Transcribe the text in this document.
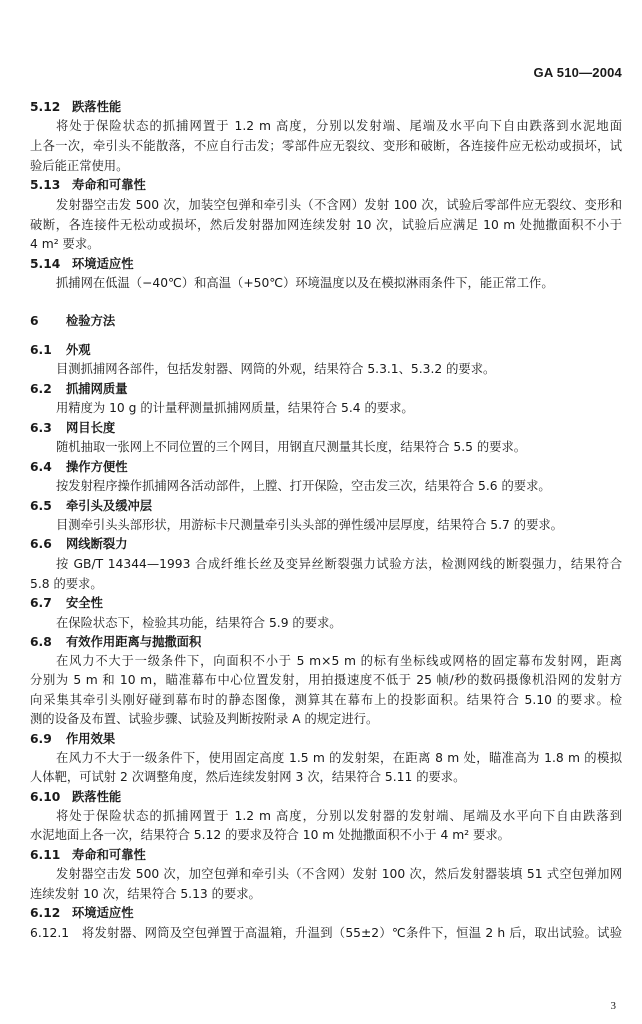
GA 510—2004
5.12 跌落性能
将处于保险状态的抓捕网置于 1.2 m 高度，分别以发射端、尾端及水平向下自由跌落到水泥地面
上各一次，牵引头不能散落，不应自行击发；零部件应无裂纹、变形和破断，各连接件应无松动或损坏，试
验后能正常使用。
5.13 寿命和可靠性
发射器空击发 500 次，加装空包弹和牵引头（不含网）发射 100 次，试验后零部件应无裂纹、变形和
破断，各连接件无松动或损坏，然后发射器加网连续发射 10 次，试验后应满足 10 m 处抛撒面积不小于
4 m² 要求。
5.14 环境适应性
抓捕网在低温（−40℃）和高温（+50℃）环境温度以及在模拟淋雨条件下，能正常工作。
6 检验方法
6.1 外观
目测抓捕网各部件，包括发射器、网筒的外观，结果符合 5.3.1、5.3.2 的要求。
6.2 抓捕网质量
用精度为 10 g 的计量秤测量抓捕网质量，结果符合 5.4 的要求。
6.3 网目长度
随机抽取一张网上不同位置的三个网目，用钢直尺测量其长度，结果符合 5.5 的要求。
6.4 操作方便性
按发射程序操作抓捕网各活动部件，上膛、打开保险，空击发三次，结果符合 5.6 的要求。
6.5 牵引头及缓冲层
目测牵引头头部形状，用游标卡尺测量牵引头头部的弹性缓冲层厚度，结果符合 5.7 的要求。
6.6 网线断裂力
按 GB/T 14344—1993 合成纤维长丝及变异丝断裂强力试验方法，检测网线的断裂强力，结果符合
5.8 的要求。
6.7 安全性
在保险状态下，检验其功能，结果符合 5.9 的要求。
6.8 有效作用距离与抛撒面积
在风力不大于一级条件下，向面积不小于 5 m×5 m 的标有坐标线或网格的固定幕布发射网，距离
分别为 5 m 和 10 m，瞄准幕布中心位置发射，用拍摄速度不低于 25 帧/秒的数码摄像机沿网的发射方
向采集其牵引头刚好碰到幕布时的静态图像，测算其在幕布上的投影面积。结果符合 5.10 的要求。检
测的设备及布置、试验步骤、试验及判断按附录 A 的规定进行。
6.9 作用效果
在风力不大于一级条件下，使用固定高度 1.5 m 的发射架，在距离 8 m 处，瞄准高为 1.8 m 的模拟
人体靶，可试射 2 次调整角度，然后连续发射网 3 次，结果符合 5.11 的要求。
6.10 跌落性能
将处于保险状态的抓捕网置于 1.2 m 高度，分别以发射器的发射端、尾端及水平向下自由跌落到
水泥地面上各一次，结果符合 5.12 的要求及符合 10 m 处抛撒面积不小于 4 m² 要求。
6.11 寿命和可靠性
发射器空击发 500 次，加空包弹和牵引头（不含网）发射 100 次，然后发射器装填 51 式空包弹加网
连续发射 10 次，结果符合 5.13 的要求。
6.12 环境适应性
6.12.1　将发射器、网筒及空包弹置于高温箱，升温到（55±2）℃条件下，恒温 2 h 后，取出试验。试验
3
